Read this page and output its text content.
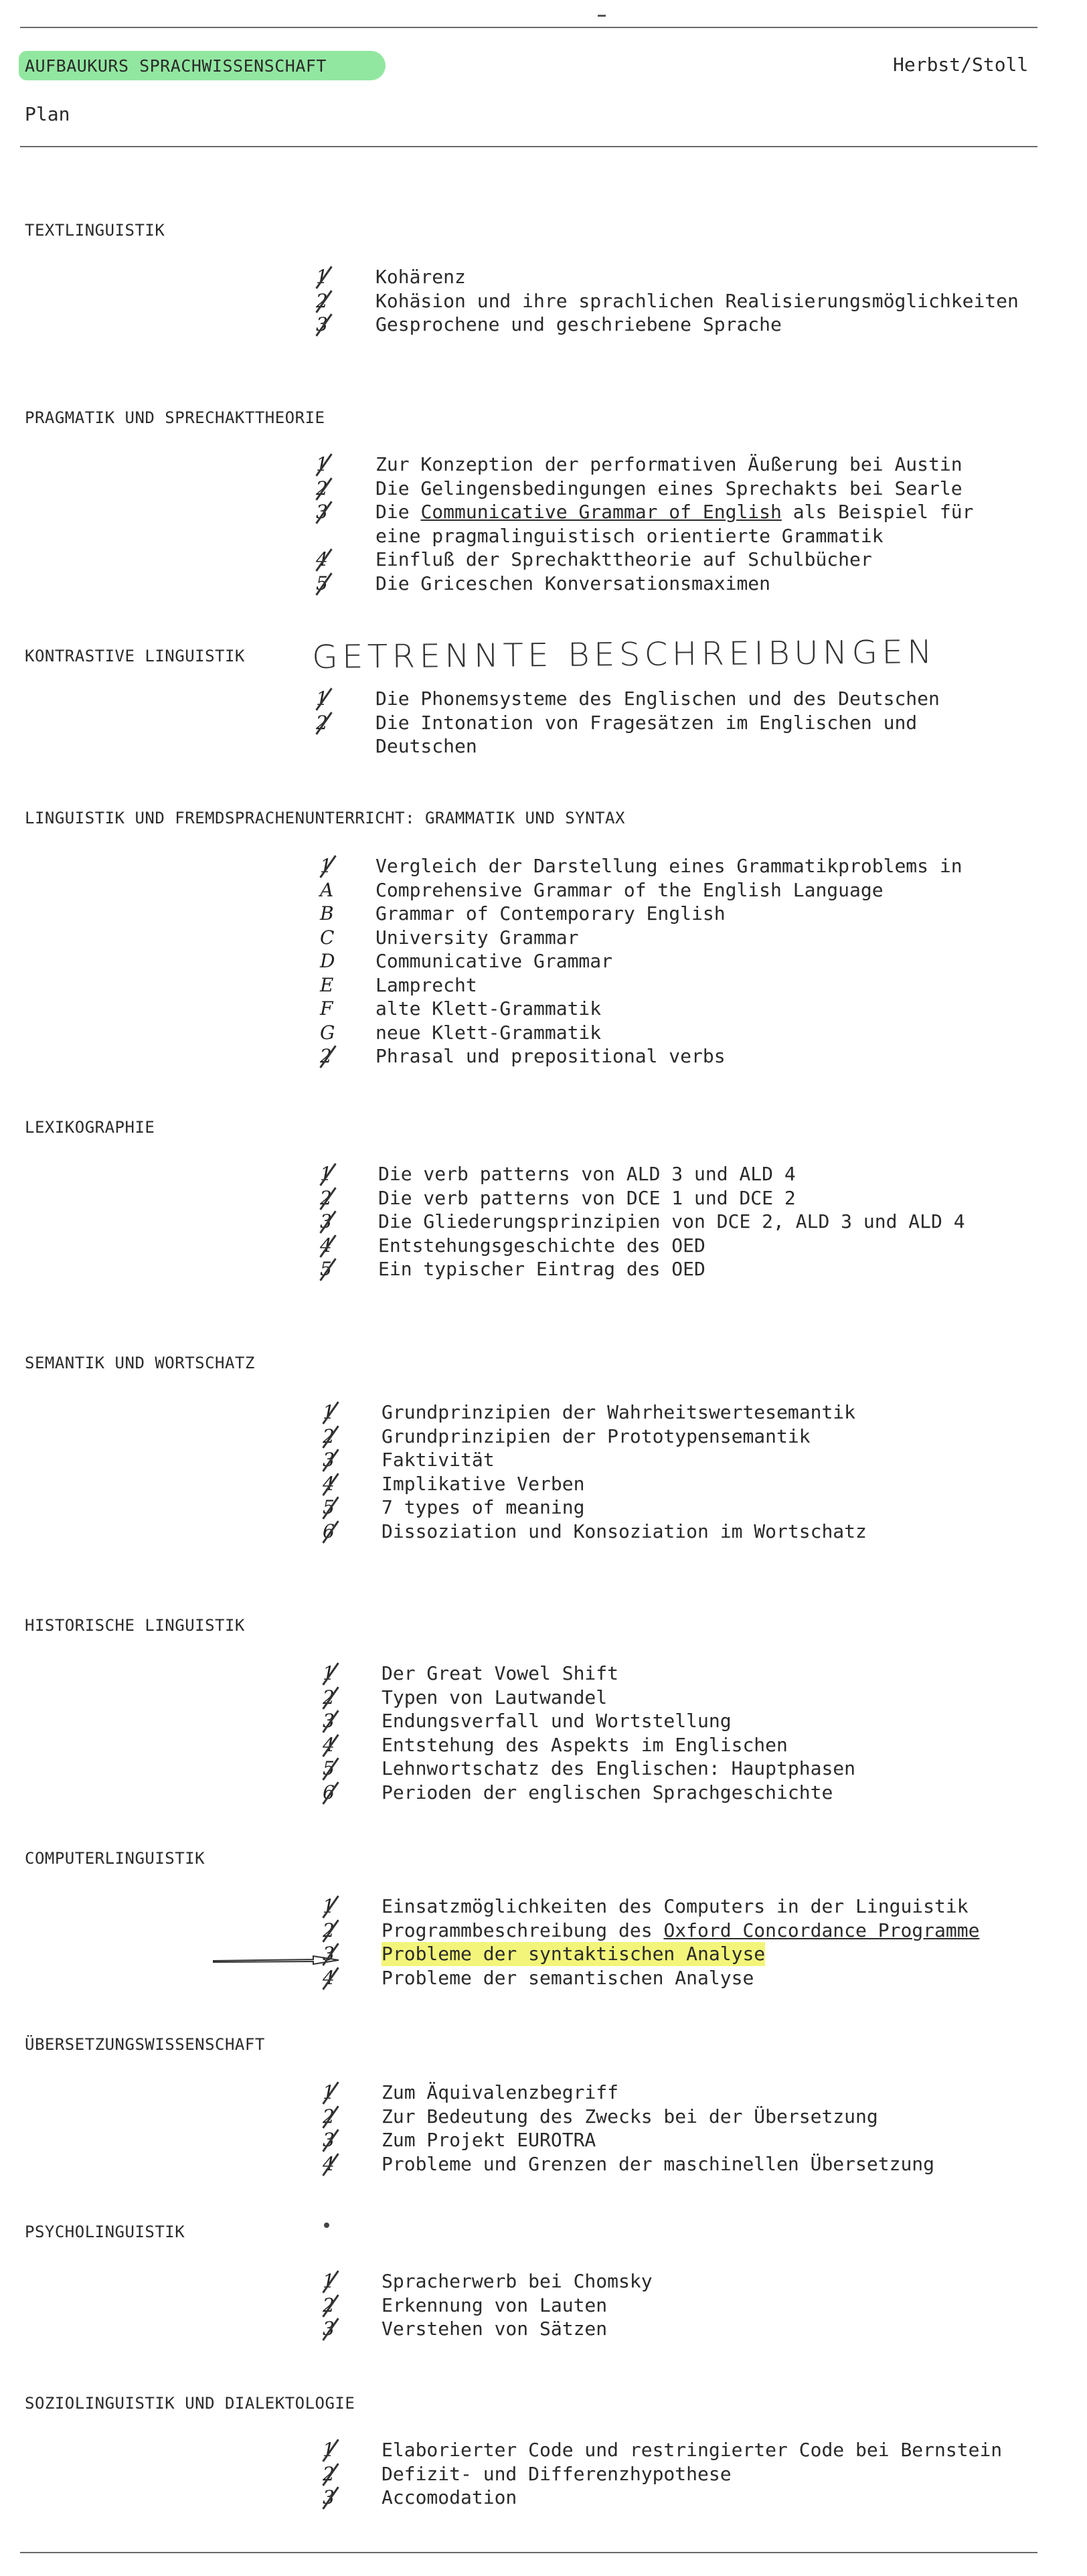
AUFBAUKURS SPRACHWISSENSCHAFT	Herbst/Stoll
Plan
TEXTLINGUISTIK
1	Kohärenz
2	Kohäsion und ihre sprachlichen Realisierungsmöglichkeiten
3	Gesprochene und geschriebene Sprache
PRAGMATIK UND SPRECHAKTTHEORIE
1	Zur Konzeption der performativen Äußerung bei Austin
2	Die Gelingensbedingungen eines Sprechakts bei Searle
3	Die Communicative Grammar of English als Beispiel für
eine pragmalinguistisch orientierte Grammatik
4	Einfluß der Sprechakttheorie auf Schulbücher
5	Die Griceschen Konversationsmaximen
KONTRASTIVE LINGUISTIK
1	Die Phonemsysteme des Englischen und des Deutschen
2	Die Intonation von Fragesätzen im Englischen und
Deutschen
LINGUISTIK UND FREMDSPRACHENUNTERRICHT: GRAMMATIK UND SYNTAX
1 Vergleich der Darstellung eines Grammatikproblems in
A Comprehensive Grammar of the English Language
B Grammar of Contemporary English
C University Grammar
D Communicative Grammar
E Lamprecht
F alte Klett-Grammatik
G neue Klett-Grammatik
2 Phrasal und prepositional verbs
LEXIKOGRAPHIE
1 Die verb patterns von ALD 3 und ALD 4
2 Die verb patterns von DCE 1 und DCE 2
3 Die Gliederungsprinzipien von DCE 2, ALD 3 und ALD 4
4 Entstehungsgeschichte des OED
5 Ein typischer Eintrag des OED
SEMANTIK UND WORTSCHATZ
1	Grundprinzipien der Wahrheitswertesemantik
2	Grundprinzipien der Prototypensemantik
3	Faktivität
4	Implikative Verben
5	7 types of meaning
6	Dissoziation und Konsoziation im Wortschatz
HISTORISCHE LINGUISTIK
1	Der Great Vowel Shift
2	Typen von Lautwandel
3	Endungsverfall und Wortstellung
4	Entstehung des Aspekts im Englischen
5	Lehnwortschatz des Englischen: Hauptphasen
6	Perioden der englischen Sprachgeschichte
COMPUTERLINGUISTIK
1	Einsatzmöglichkeiten des Computers in der Linguistik
2	Programmbeschreibung des Oxford Concordance Programme
3	Probleme der syntaktischen Analyse
4	Probleme der semantischen Analyse
ÜBERSETZUNGSWISSENSCHAFT
1	Zum Äquivalenzbegriff
2	Zur Bedeutung des Zwecks bei der Übersetzung
3	Zum Projekt EUROTRA
4	Probleme und Grenzen der maschinellen Übersetzung
PSYCHOLINGUISTIK
1	Spracherwerb bei Chomsky
2	Erkennung von Lauten
3	Verstehen von Sätzen
SOZIOLINGUISTIK UND DIALEKTOLOGIE
1	Elaborierter Code und restringierter Code bei Bernstein
2	Defizit- und Differenzhypothese
3	Accomodation
GETRENNTE BESCHREIBUNGEN
